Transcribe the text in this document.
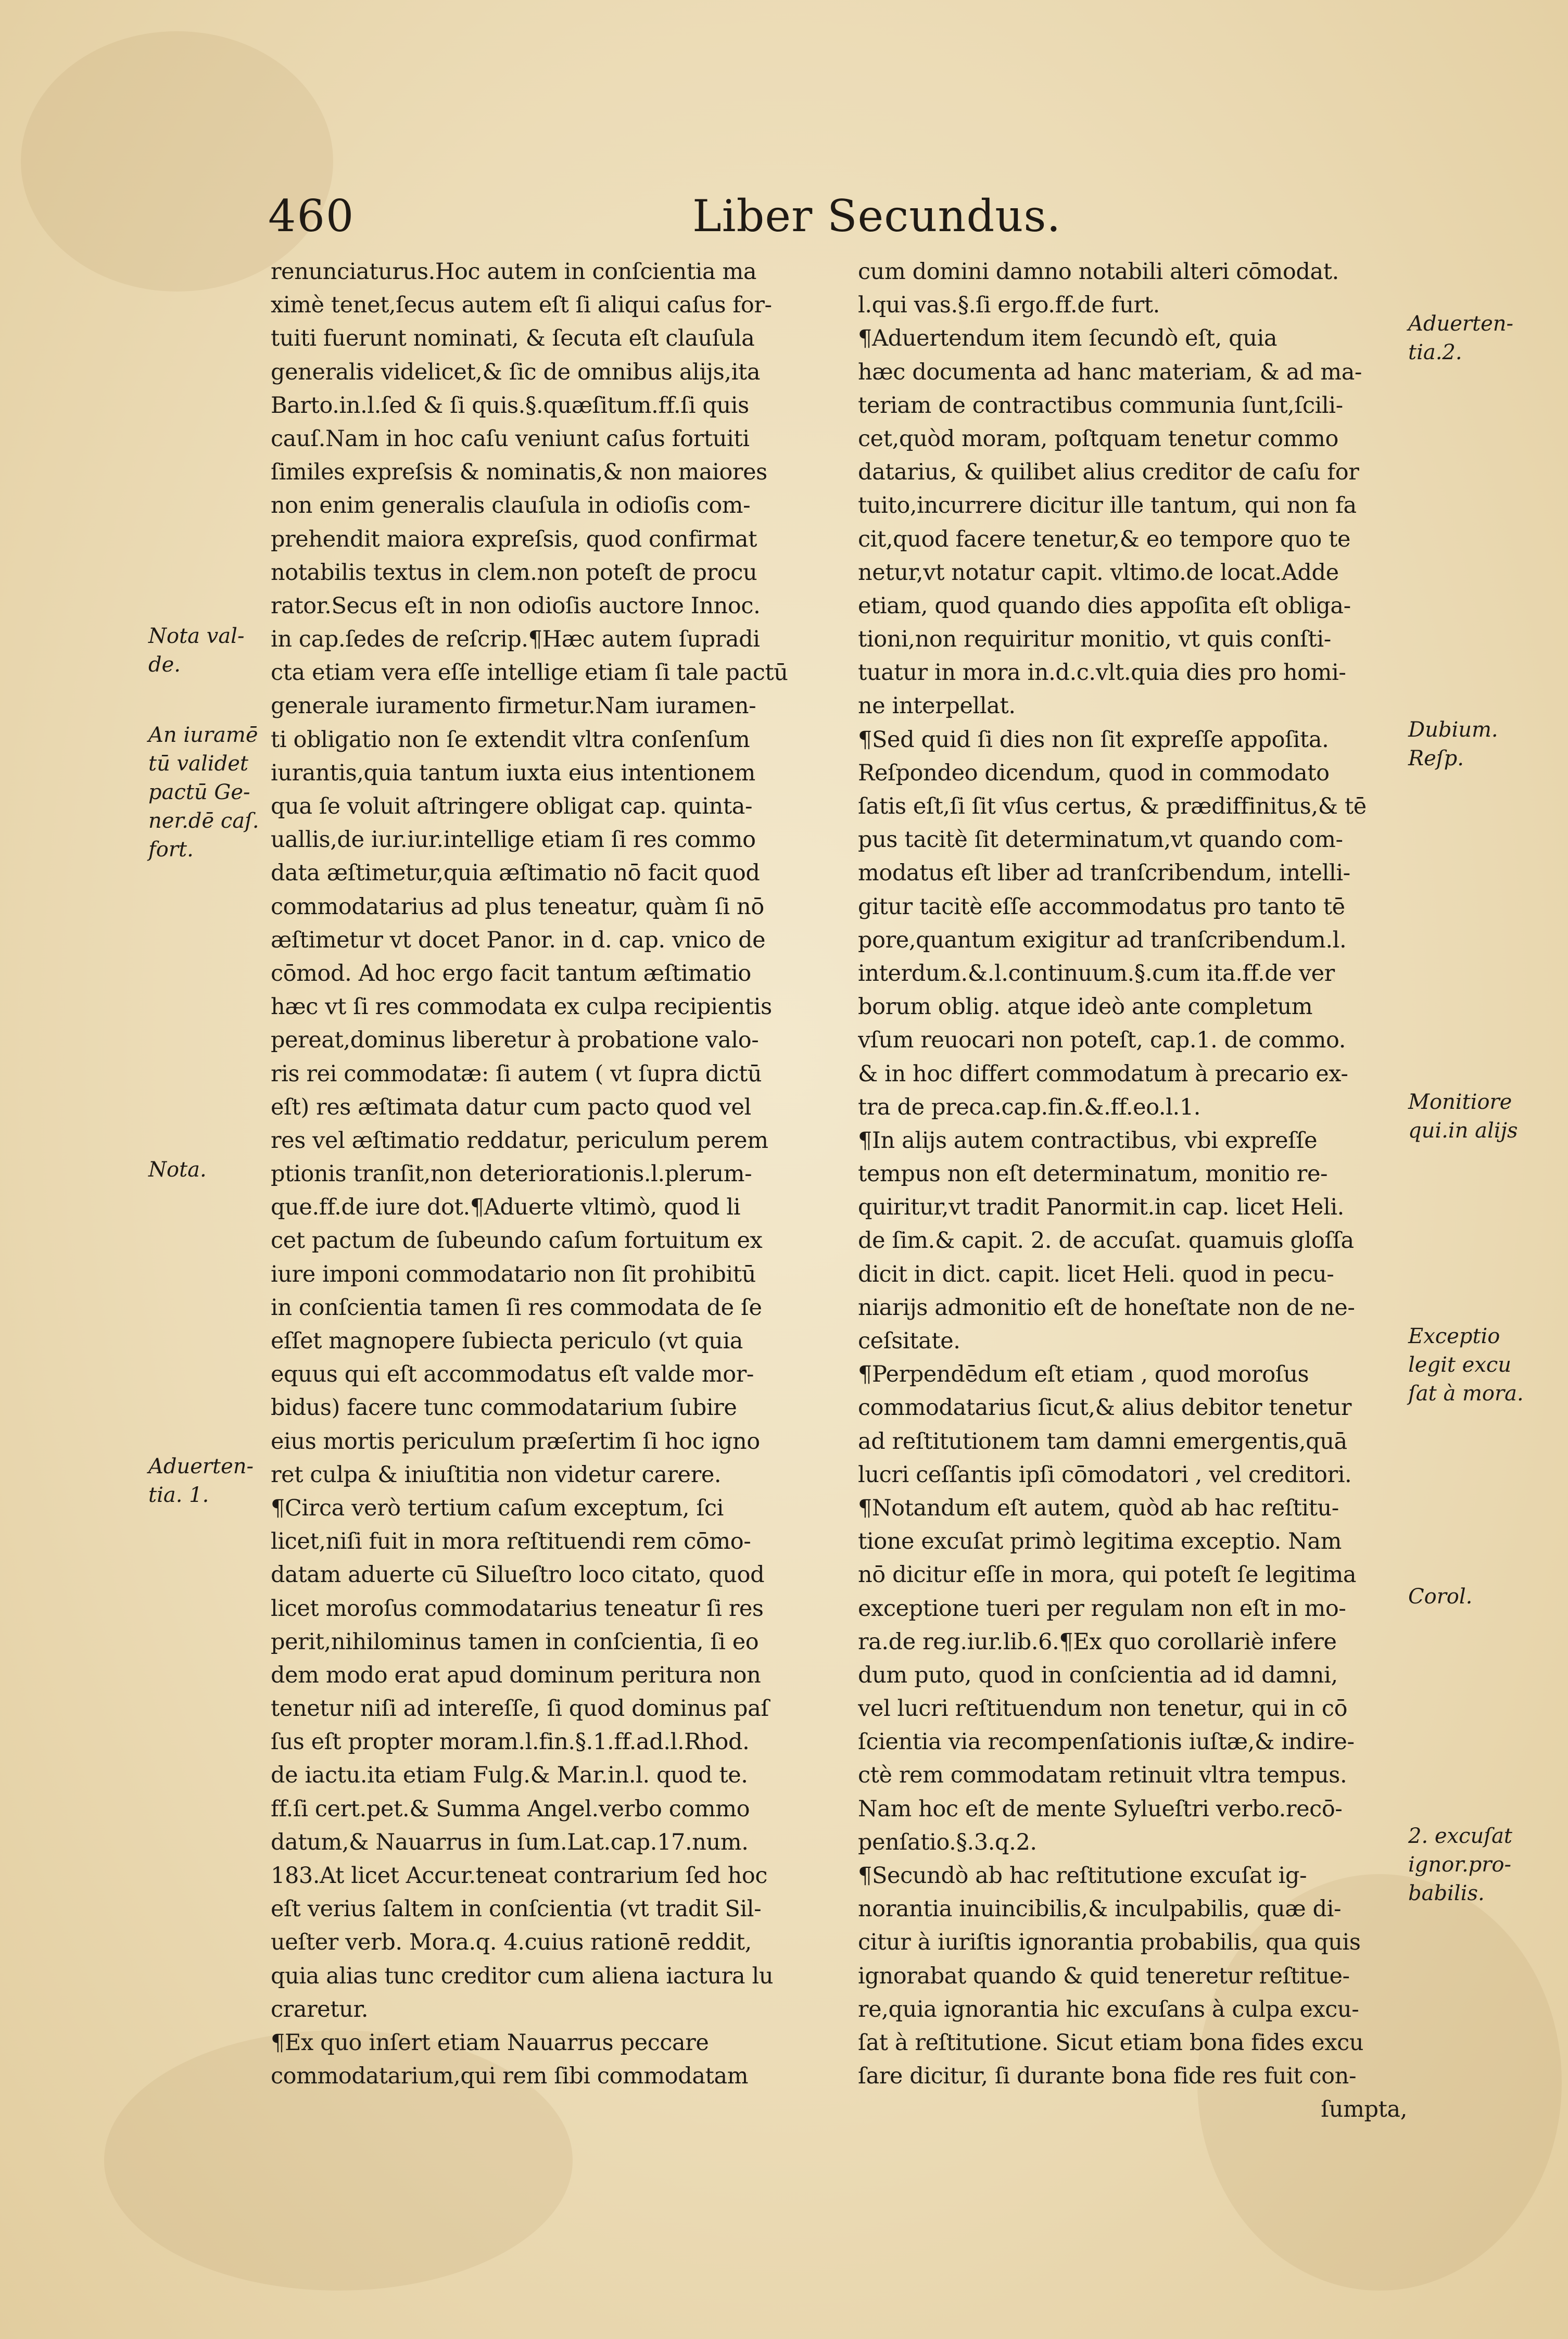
460	Liber Secundus.
renunciaturus.Hoc autem in conſcientia ma
ximè tenet,ſecus autem eſt ſi aliqui caſus for-
tuiti fuerunt nominati, & ſecuta eſt clauſula
generalis videlicet,& ſic de omnibus alijs,ita
Barto.in.l.ſed & ſi quis.§.quæſitum.ff.ſi quis
cauſ.Nam in hoc caſu veniunt caſus fortuiti
ſimiles expreſsis & nominatis,& non maiores
non enim generalis clauſula in odioſis com-
prehendit maiora expreſsis, quod confirmat
notabilis textus in clem.non poteſt de procu
rator.Secus eſt in non odioſis auctore Innoc.
in cap.ſedes de reſcrip.¶Hæc autem ſupradi
cta etiam vera eſſe intellige etiam ſi tale pactū
generale iuramento firmetur.Nam iuramen-
ti obligatio non ſe extendit vltra conſenſum
iurantis,quia tantum iuxta eius intentionem
qua ſe voluit aſtringere obligat cap. quinta-
uallis,de iur.iur.intellige etiam ſi res commo
data æſtimetur,quia æſtimatio nō facit quod
commodatarius ad plus teneatur, quàm ſi nō
æſtimetur vt docet Panor. in d. cap. vnico de
cōmod. Ad hoc ergo facit tantum æſtimatio
hæc vt ſi res commodata ex culpa recipientis
pereat,dominus liberetur à probatione valo-
ris rei commodatæ: ſi autem ( vt ſupra dictū
eſt) res æſtimata datur cum pacto quod vel
res vel æſtimatio reddatur, periculum perem
ptionis tranſit,non deteriorationis.l.plerum-
que.ff.de iure dot.¶Aduerte vltimò, quod li
cet pactum de ſubeundo caſum fortuitum ex
iure imponi commodatario non ſit prohibitū
in conſcientia tamen ſi res commodata de ſe
eſſet magnopere ſubiecta periculo (vt quia
equus qui eſt accommodatus eſt valde mor-
bidus) facere tunc commodatarium ſubire
eius mortis periculum præſertim ſi hoc igno
ret culpa & iniuſtitia non videtur carere.
¶Circa verò tertium caſum exceptum, ſci
licet,niſi fuit in mora reſtituendi rem cōmo-
datam aduerte cū Silueſtro loco citato, quod
licet moroſus commodatarius teneatur ſi res
perit,nihilominus tamen in conſcientia, ſi eo
dem modo erat apud dominum peritura non
tenetur niſi ad intereſſe, ſi quod dominus paſ
ſus eſt propter moram.l.fin.§.1.ff.ad.l.Rhod.
de iactu.ita etiam Fulg.& Mar.in.l. quod te.
ff.ſi cert.pet.& Summa Angel.verbo commo
datum,& Nauarrus in ſum.Lat.cap.17.num.
183.At licet Accur.teneat contrarium ſed hoc
eſt verius ſaltem in conſcientia (vt tradit Sil-
ueſter verb. Mora.q. 4.cuius rationē reddit,
quia alias tunc creditor cum aliena iactura lu
craretur.
¶Ex quo inſert etiam Nauarrus peccare
commodatarium,qui rem ſibi commodatam
cum domini damno notabili alteri cōmodat.
l.qui vas.§.ſi ergo.ff.de furt.
¶Aduertendum item ſecundò eſt, quia
hæc documenta ad hanc materiam, & ad ma-
teriam de contractibus communia ſunt,ſcili-
cet,quòd moram, poſtquam tenetur commo
datarius, & quilibet alius creditor de caſu for
tuito,incurrere dicitur ille tantum, qui non fa
cit,quod facere tenetur,& eo tempore quo te
netur,vt notatur capit. vltimo.de locat.Adde
etiam, quod quando dies appoſita eſt obliga-
tioni,non requiritur monitio, vt quis conſti-
tuatur in mora in.d.c.vlt.quia dies pro homi-
ne interpellat.
¶Sed quid ſi dies non ſit expreſſe appoſita.
Reſpondeo dicendum, quod in commodato
ſatis eſt,ſi ſit vſus certus, & prædiffinitus,& tē
pus tacitè ſit determinatum,vt quando com-
modatus eſt liber ad tranſcribendum, intelli-
gitur tacitè eſſe accommodatus pro tanto tē
pore,quantum exigitur ad tranſcribendum.l.
interdum.&.l.continuum.§.cum ita.ff.de ver
borum oblig. atque ideò ante completum
vſum reuocari non poteſt, cap.1. de commo.
& in hoc differt commodatum à precario ex-
tra de preca.cap.fin.&.ff.eo.l.1.
¶In alijs autem contractibus, vbi expreſſe
tempus non eſt determinatum, monitio re-
quiritur,vt tradit Panormit.in cap. licet Heli.
de ſim.& capit. 2. de accuſat. quamuis gloſſa
dicit in dict. capit. licet Heli. quod in pecu-
niarijs admonitio eſt de honeſtate non de ne-
ceſsitate.
¶Perpendēdum eſt etiam , quod moroſus
commodatarius ſicut,& alius debitor tenetur
ad reſtitutionem tam damni emergentis,quā
lucri ceſſantis ipſi cōmodatori , vel creditori.
¶Notandum eſt autem, quòd ab hac reſtitu-
tione excuſat primò legitima exceptio. Nam
nō dicitur eſſe in mora, qui poteſt ſe legitima
exceptione tueri per regulam non eſt in mo-
ra.de reg.iur.lib.6.¶Ex quo corollariè infere
dum puto, quod in conſcientia ad id damni,
vel lucri reſtituendum non tenetur, qui in cō
ſcientia via recompenſationis iuſtæ,& indire-
ctè rem commodatam retinuit vltra tempus.
Nam hoc eſt de mente Sylueſtri verbo.recō-
penſatio.§.3.q.2.
¶Secundò ab hac reſtitutione excuſat ig-
norantia inuincibilis,& inculpabilis, quæ di-
citur à iuriſtis ignorantia probabilis, qua quis
ignorabat quando & quid teneretur reſtitue-
re,quia ignorantia hic excuſans à culpa excu-
ſat à reſtitutione. Sicut etiam bona fides excu
ſare dicitur, ſi durante bona fide res fuit con-
ſumpta,
Nota val-
de.
An iuramē
tū validet
pactū Ge-
ner.dē caſ.
fort.
Nota.
Aduerten-
tia. 1.
Aduerten-
tia.2.
Dubium.
Reſp.
Monitiore
qui.in alijs
Exceptio
legit excu
ſat à mora.
Corol.
2. excuſat
ignor.pro-
babilis.
